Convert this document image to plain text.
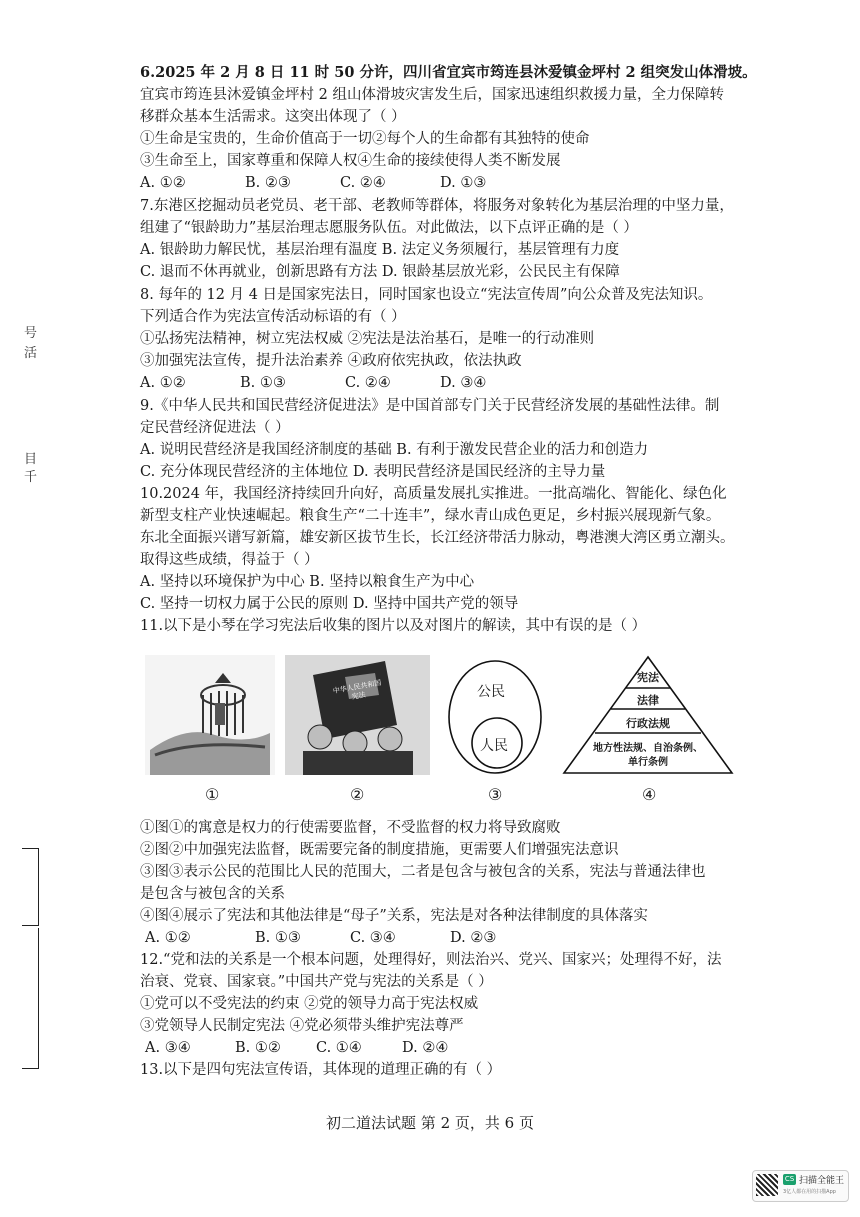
号
活
目
千
6.2025 年 2 月 8 日 11 时 50 分许，四川省宜宾市筠连县沐爱镇金坪村 2 组突发山体滑坡。
宜宾市筠连县沐爱镇金坪村 2 组山体滑坡灾害发生后，国家迅速组织救援力量，全力保障转
移群众基本生活需求。这突出体现了（ ）
①生命是宝贵的，生命价值高于一切②每个人的生命都有其独特的使命
③生命至上，国家尊重和保障人权④生命的接续使得人类不断发展
A. ①②	B. ②③	C. ②④	D. ①③
7.东港区挖掘动员老党员、老干部、老教师等群体，将服务对象转化为基层治理的中坚力量，
组建了“银龄助力”基层治理志愿服务队伍。对此做法，以下点评正确的是（ ）
A. 银龄助力解民忧，基层治理有温度 B. 法定义务须履行，基层管理有力度
C. 退而不休再就业，创新思路有方法 D. 银龄基层放光彩，公民民主有保障
8. 每年的 12 月 4 日是国家宪法日，同时国家也设立“宪法宣传周”向公众普及宪法知识。
下列适合作为宪法宣传活动标语的有（ ）
①弘扬宪法精神，树立宪法权威 ②宪法是法治基石，是唯一的行动准则
③加强宪法宣传，提升法治素养 ④政府依宪执政，依法执政
A. ①②	B. ①③	C. ②④	D. ③④
9.《中华人民共和国民营经济促进法》是中国首部专门关于民营经济发展的基础性法律。制
定民营经济促进法（ ）
A. 说明民营经济是我国经济制度的基础 B. 有利于激发民营企业的活力和创造力
C. 充分体现民营经济的主体地位 D. 表明民营经济是国民经济的主导力量
10.2024 年，我国经济持续回升向好，高质量发展扎实推进。一批高端化、智能化、绿色化
新型支柱产业快速崛起。粮食生产“二十连丰”，绿水青山成色更足，乡村振兴展现新气象。
东北全面振兴谱写新篇，雄安新区拔节生长，长江经济带活力脉动，粤港澳大湾区勇立潮头。
取得这些成绩，得益于（ ）
A. 坚持以环境保护为中心 B. 坚持以粮食生产为中心
C. 坚持一切权力属于公民的原则 D. 坚持中国共产党的领导
11.以下是小琴在学习宪法后收集的图片以及对图片的解读，其中有误的是（ ）
中华人民共和国宪法	公民
人民
宪法
法律
行政法规
地方性法规、自治条例、
单行条例
①	②	③	④
①图①的寓意是权力的行使需要监督，不受监督的权力将导致腐败
②图②中加强宪法监督，既需要完备的制度措施，更需要人们增强宪法意识
③图③表示公民的范围比人民的范围大，二者是包含与被包含的关系，宪法与普通法律也
是包含与被包含的关系
④图④展示了宪法和其他法律是“母子”关系，宪法是对各种法律制度的具体落实
A. ①②	B. ①③	C. ③④	D. ②③
12.“党和法的关系是一个根本问题，处理得好，则法治兴、党兴、国家兴；处理得不好，法
治衰、党衰、国家衰。”中国共产党与宪法的关系是（ ）
①党可以不受宪法的约束 ②党的领导力高于宪法权威
③党领导人民制定宪法 ④党必须带头维护宪法尊严
A. ③④	B. ①② C. ①④	D. ②④
13.以下是四句宪法宣传语，其体现的道理正确的有（ ）
初二道法试题 第 2 页，共 6 页
CS 扫描全能王
3亿人都在用的扫描App
